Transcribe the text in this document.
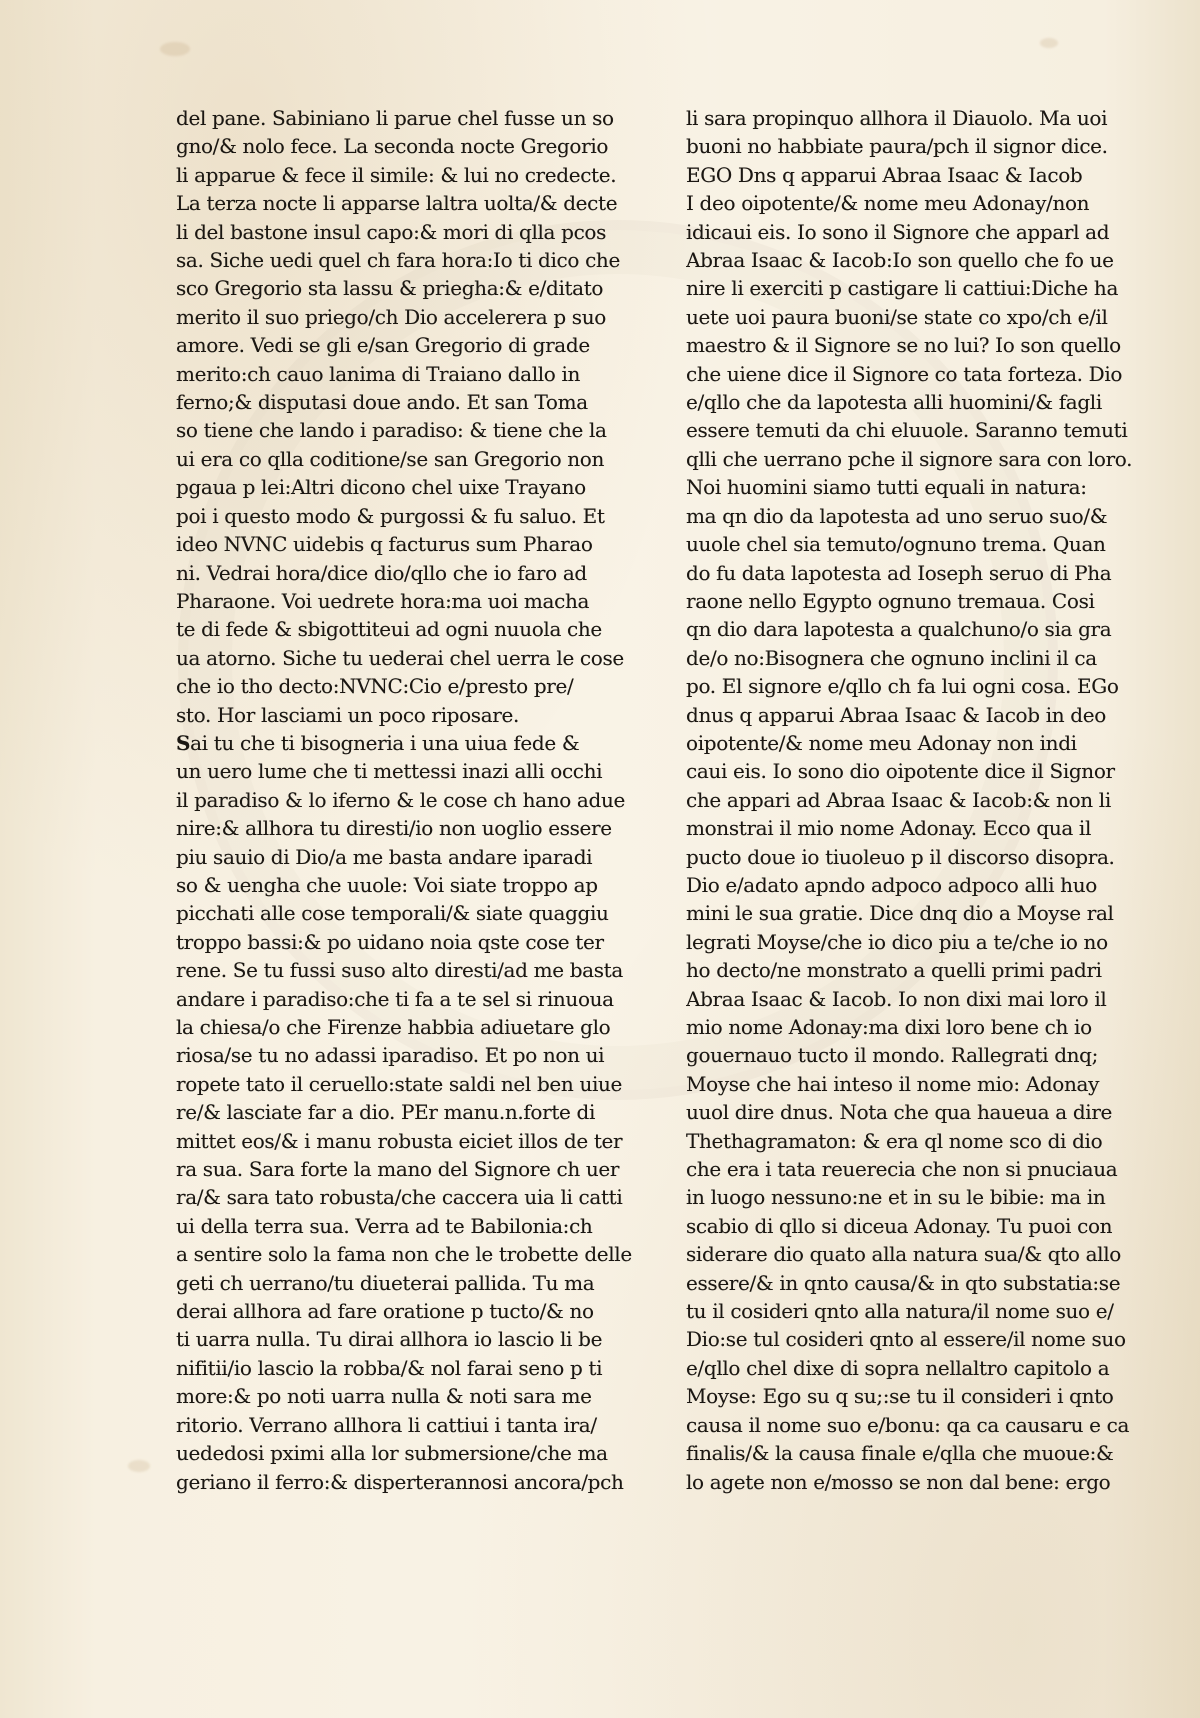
del pane. Sabiniano li parue chel fusse un so
gno/& nolo fece. La seconda nocte Gregorio
li apparue & fece il simile: & lui no credecte.
La terza nocte li apparse laltra uolta/& decte
li del bastone insul capo:& mori di qlla pcos
sa. Siche uedi quel ch fara hora:Io ti dico che
sco Gregorio sta lassu & priegha:& e/ditato
merito il suo priego/ch Dio accelerera p suo
amore. Vedi se gli e/san Gregorio di grade
merito:ch cauo lanima di Traiano dallo in
ferno;& disputasi doue ando. Et san Toma
so tiene che lando i paradiso: & tiene che la
ui era co qlla coditione/se san Gregorio non
pgaua p lei:Altri dicono chel uixe Trayano
poi i questo modo & purgossi & fu saluo. Et
ideo NVNC uidebis q facturus sum Pharao
ni. Vedrai hora/dice dio/qllo che io faro ad
Pharaone. Voi uedrete hora:ma uoi macha
te di fede & sbigottiteui ad ogni nuuola che
ua atorno. Siche tu uederai chel uerra le cose
che io tho decto:NVNC:Cio e/presto pre/
sto. Hor lasciami un poco riposare.
Sai tu che ti bisogneria i una uiua fede &
un uero lume che ti mettessi inazi alli occhi
il paradiso & lo iferno & le cose ch hano adue
nire:& allhora tu diresti/io non uoglio essere
piu sauio di Dio/a me basta andare iparadi
so & uengha che uuole: Voi siate troppo ap
picchati alle cose temporali/& siate quaggiu
troppo bassi:& po uidano noia qste cose ter
rene. Se tu fussi suso alto diresti/ad me basta
andare i paradiso:che ti fa a te sel si rinuoua
la chiesa/o che Firenze habbia adiuetare glo
riosa/se tu no adassi iparadiso. Et po non ui
ropete tato il ceruello:state saldi nel ben uiue
re/& lasciate far a dio. PEr manu.n.forte di
mittet eos/& i manu robusta eiciet illos de ter
ra sua. Sara forte la mano del Signore ch uer
ra/& sara tato robusta/che caccera uia li catti
ui della terra sua. Verra ad te Babilonia:ch
a sentire solo la fama non che le trobette delle
geti ch uerrano/tu diueterai pallida. Tu ma
derai allhora ad fare oratione p tucto/& no
ti uarra nulla. Tu dirai allhora io lascio li be
nifitii/io lascio la robba/& nol farai seno p ti
more:& po noti uarra nulla & noti sara me
ritorio. Verrano allhora li cattiui i tanta ira/
uededosi pximi alla lor submersione/che ma
geriano il ferro:& disperterannosi ancora/pch
li sara propinquo allhora il Diauolo. Ma uoi
buoni no habbiate paura/pch il signor dice.
EGO Dns q apparui Abraa Isaac & Iacob
I deo oipotente/& nome meu Adonay/non
idicaui eis. Io sono il Signore che apparl ad
Abraa Isaac & Iacob:Io son quello che fo ue
nire li exerciti p castigare li cattiui:Diche ha
uete uoi paura buoni/se state co xpo/ch e/il
maestro & il Signore se no lui? Io son quello
che uiene dice il Signore co tata forteza. Dio
e/qllo che da lapotesta alli huomini/& fagli
essere temuti da chi eluuole. Saranno temuti
qlli che uerrano pche il signore sara con loro.
Noi huomini siamo tutti equali in natura:
ma qn dio da lapotesta ad uno seruo suo/&
uuole chel sia temuto/ognuno trema. Quan
do fu data lapotesta ad Ioseph seruo di Pha
raone nello Egypto ognuno tremaua. Cosi
qn dio dara lapotesta a qualchuno/o sia gra
de/o no:Bisognera che ognuno inclini il ca
po. El signore e/qllo ch fa lui ogni cosa. EGo
dnus q apparui Abraa Isaac & Iacob in deo
oipotente/& nome meu Adonay non indi
caui eis. Io sono dio oipotente dice il Signor
che appari ad Abraa Isaac & Iacob:& non li
monstrai il mio nome Adonay. Ecco qua il
pucto doue io tiuoleuo p il discorso disopra.
Dio e/adato apndo adpoco adpoco alli huo
mini le sua gratie. Dice dnq dio a Moyse ral
legrati Moyse/che io dico piu a te/che io no
ho decto/ne monstrato a quelli primi padri
Abraa Isaac & Iacob. Io non dixi mai loro il
mio nome Adonay:ma dixi loro bene ch io
gouernauo tucto il mondo. Rallegrati dnq;
Moyse che hai inteso il nome mio: Adonay
uuol dire dnus. Nota che qua haueua a dire
Thethagramaton: & era ql nome sco di dio
che era i tata reuerecia che non si pnuciaua
in luogo nessuno:ne et in su le bibie: ma in
scabio di qllo si diceua Adonay. Tu puoi con
siderare dio quato alla natura sua/& qto allo
essere/& in qnto causa/& in qto substatia:se
tu il cosideri qnto alla natura/il nome suo e/
Dio:se tul cosideri qnto al essere/il nome suo
e/qllo chel dixe di sopra nellaltro capitolo a
Moyse: Ego su q su;:se tu il consideri i qnto
causa il nome suo e/bonu: qa ca causaru e ca
finalis/& la causa finale e/qlla che muoue:&
lo agete non e/mosso se non dal bene: ergo
